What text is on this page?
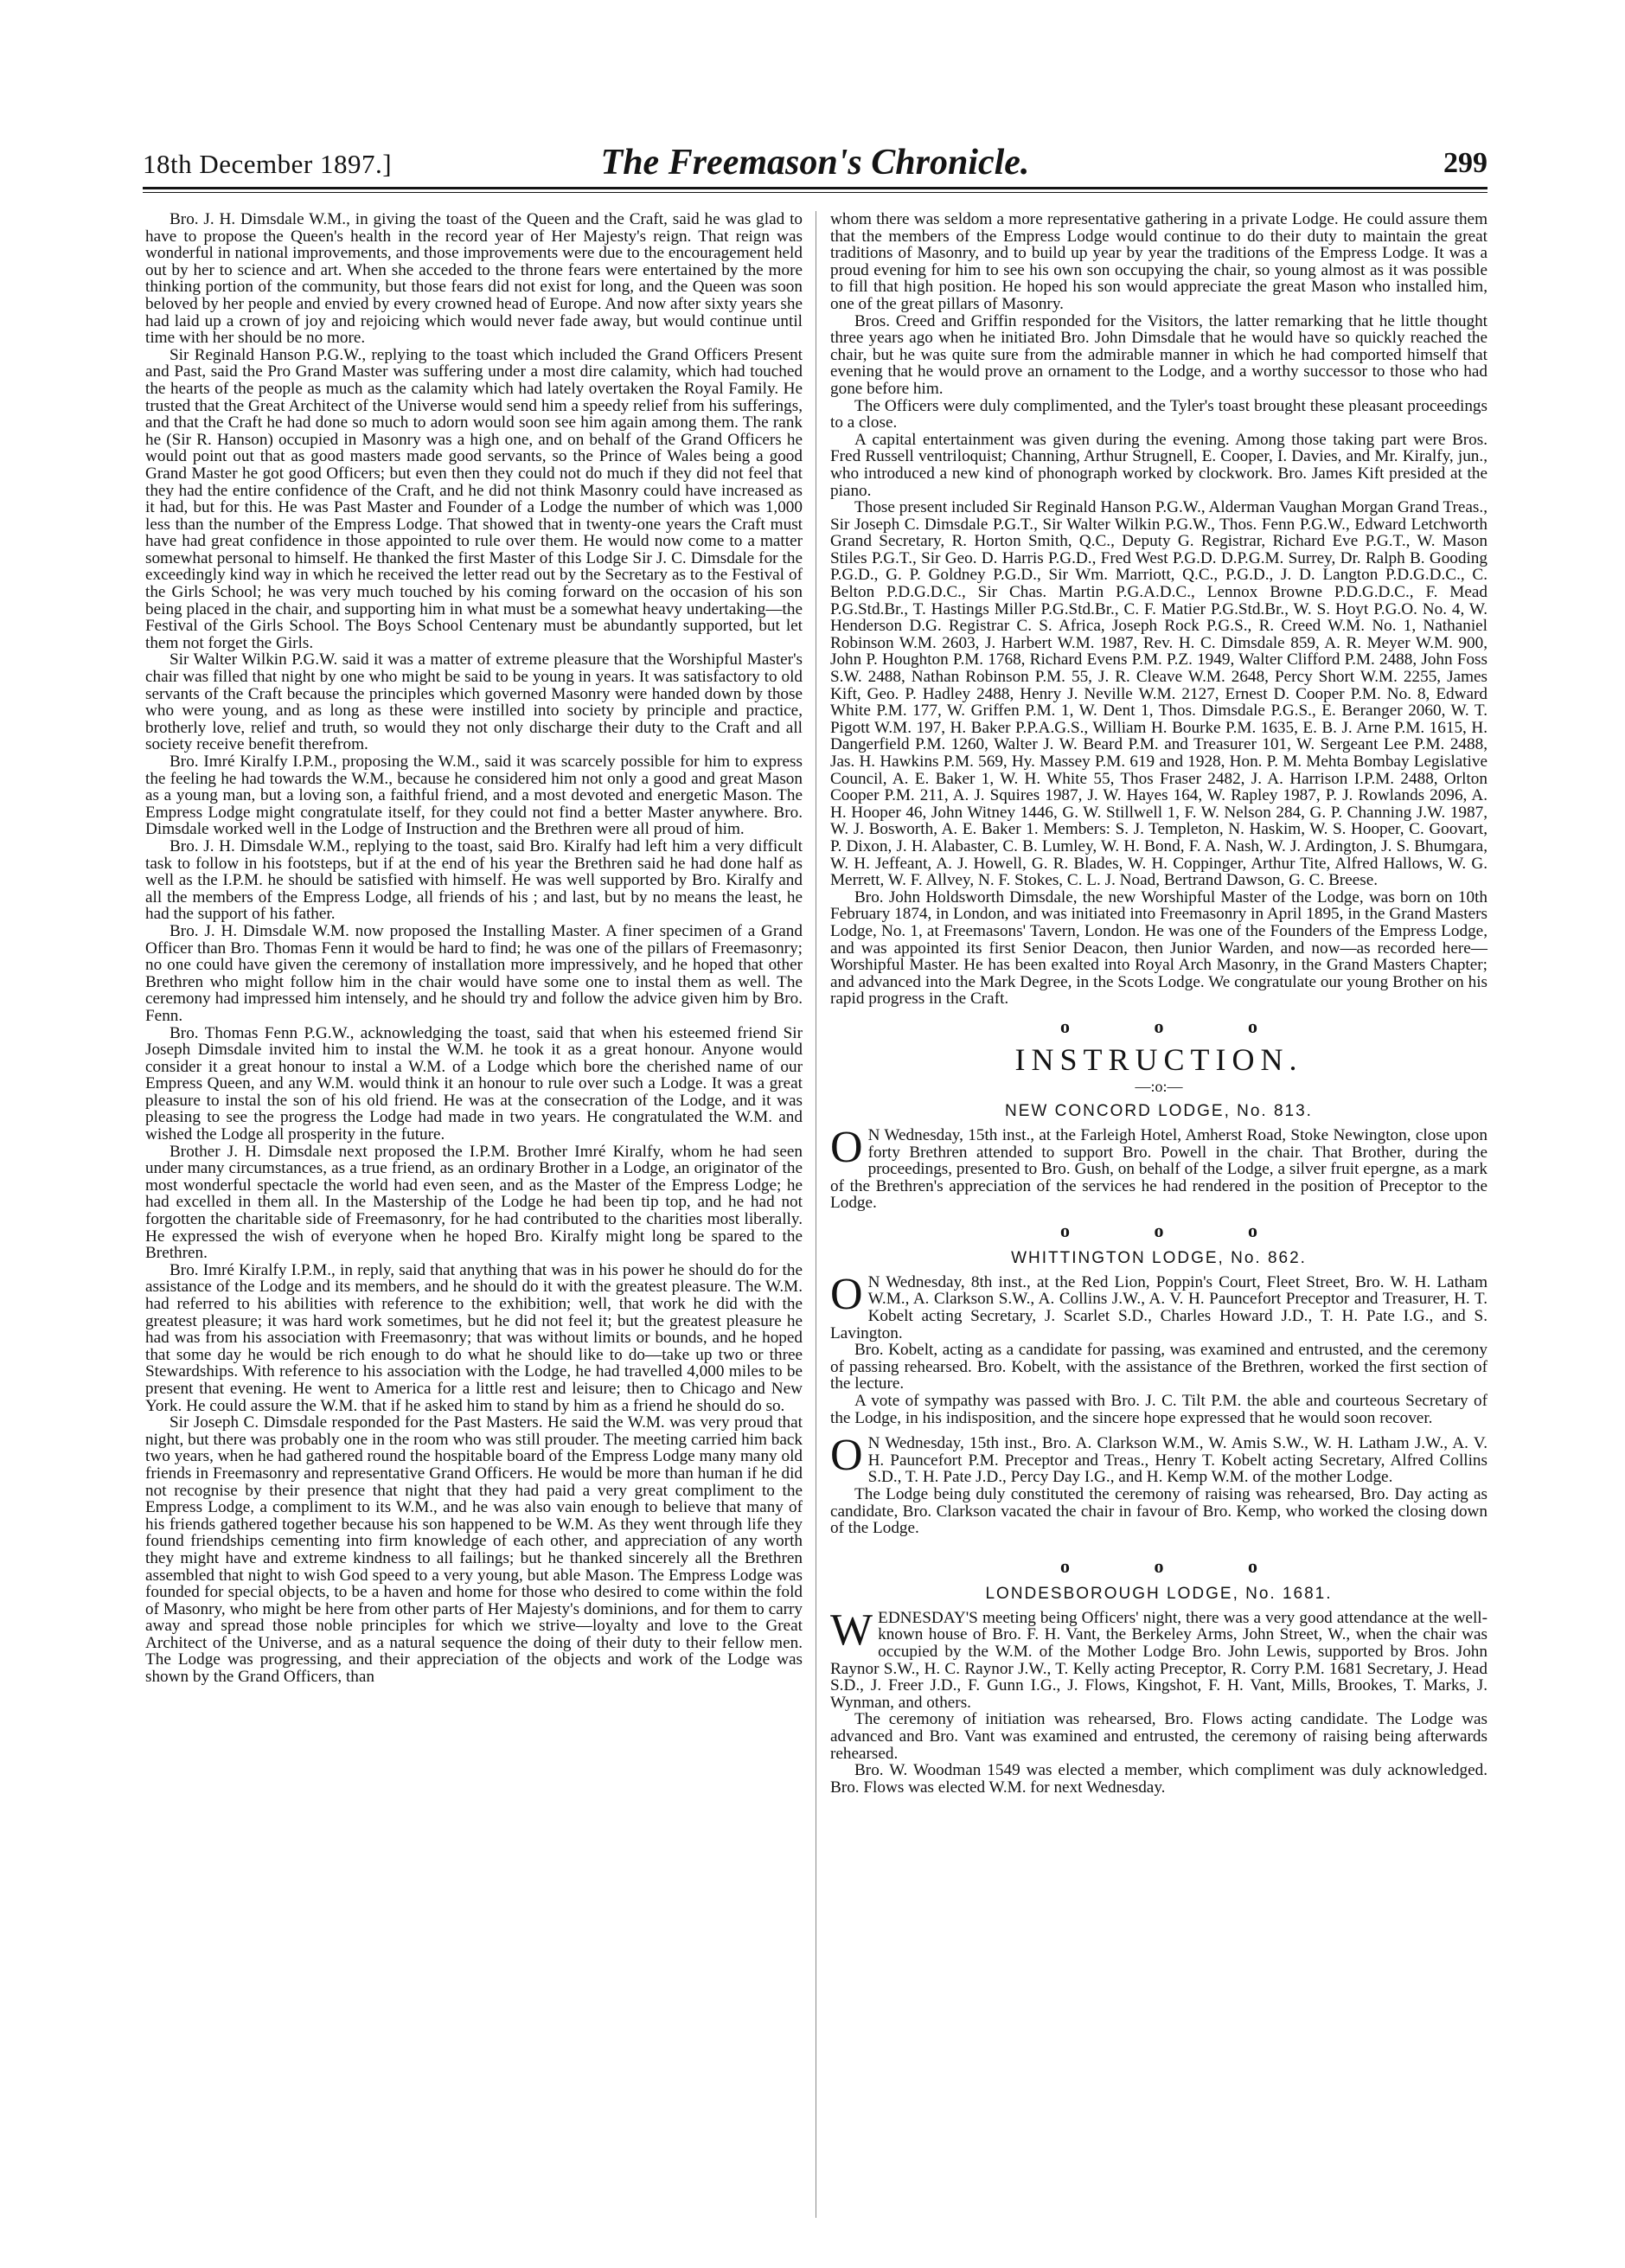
18th December 1897.]	The Freemason's Chronicle.	299

Bro. J. H. Dimsdale W.M., in giving the toast of the Queen and the Craft, said he was glad to have to propose the Queen's health in the record year of Her Majesty's reign. That reign was wonderful in national improvements, and those improvements were due to the encouragement held out by her to science and art. When she acceded to the throne fears were entertained by the more thinking portion of the community, but those fears did not exist for long, and the Queen was soon beloved by her people and envied by every crowned head of Europe. And now after sixty years she had laid up a crown of joy and rejoicing which would never fade away, but would continue until time with her should be no more.

Sir Reginald Hanson P.G.W., replying to the toast which included the Grand Officers Present and Past, said the Pro Grand Master was suffering under a most dire calamity, which had touched the hearts of the people as much as the calamity which had lately overtaken the Royal Family. He trusted that the Great Architect of the Universe would send him a speedy relief from his sufferings, and that the Craft he had done so much to adorn would soon see him again among them. The rank he (Sir R. Hanson) occupied in Masonry was a high one, and on behalf of the Grand Officers he would point out that as good masters made good servants, so the Prince of Wales being a good Grand Master he got good Officers; but even then they could not do much if they did not feel that they had the entire confidence of the Craft, and he did not think Masonry could have increased as it had, but for this. He was Past Master and Founder of a Lodge the number of which was 1,000 less than the number of the Empress Lodge. That showed that in twenty-one years the Craft must have had great confidence in those appointed to rule over them. He would now come to a matter somewhat personal to himself. He thanked the first Master of this Lodge Sir J. C. Dimsdale for the exceedingly kind way in which he received the letter read out by the Secretary as to the Festival of the Girls School; he was very much touched by his coming forward on the occasion of his son being placed in the chair, and supporting him in what must be a somewhat heavy undertaking—the Festival of the Girls School. The Boys School Centenary must be abundantly supported, but let them not forget the Girls.

Sir Walter Wilkin P.G.W. said it was a matter of extreme pleasure that the Worshipful Master's chair was filled that night by one who might be said to be young in years. It was satisfactory to old servants of the Craft because the principles which governed Masonry were handed down by those who were young, and as long as these were instilled into society by principle and practice, brotherly love, relief and truth, so would they not only discharge their duty to the Craft and all society receive benefit therefrom.

Bro. Imré Kiralfy I.P.M., proposing the W.M., said it was scarcely possible for him to express the feeling he had towards the W.M., because he considered him not only a good and great Mason as a young man, but a loving son, a faithful friend, and a most devoted and energetic Mason. The Empress Lodge might congratulate itself, for they could not find a better Master anywhere. Bro. Dimsdale worked well in the Lodge of Instruction and the Brethren were all proud of him.

Bro. J. H. Dimsdale W.M., replying to the toast, said Bro. Kiralfy had left him a very difficult task to follow in his footsteps, but if at the end of his year the Brethren said he had done half as well as the I.P.M. he should be satisfied with himself. He was well supported by Bro. Kiralfy and all the members of the Empress Lodge, all friends of his ; and last, but by no means the least, he had the support of his father.

Bro. J. H. Dimsdale W.M. now proposed the Installing Master. A finer specimen of a Grand Officer than Bro. Thomas Fenn it would be hard to find; he was one of the pillars of Freemasonry; no one could have given the ceremony of installation more impressively, and he hoped that other Brethren who might follow him in the chair would have some one to instal them as well. The ceremony had impressed him intensely, and he should try and follow the advice given him by Bro. Fenn.

Bro. Thomas Fenn P.G.W., acknowledging the toast, said that when his esteemed friend Sir Joseph Dimsdale invited him to instal the W.M. he took it as a great honour. Anyone would consider it a great honour to instal a W.M. of a Lodge which bore the cherished name of our Empress Queen, and any W.M. would think it an honour to rule over such a Lodge. It was a great pleasure to instal the son of his old friend. He was at the consecration of the Lodge, and it was pleasing to see the progress the Lodge had made in two years. He congratulated the W.M. and wished the Lodge all prosperity in the future.

Brother J. H. Dimsdale next proposed the I.P.M. Brother Imré Kiralfy, whom he had seen under many circumstances, as a true friend, as an ordinary Brother in a Lodge, an originator of the most wonderful spectacle the world had even seen, and as the Master of the Empress Lodge; he had excelled in them all. In the Mastership of the Lodge he had been tip top, and he had not forgotten the charitable side of Freemasonry, for he had contributed to the charities most liberally. He expressed the wish of everyone when he hoped Bro. Kiralfy might long be spared to the Brethren.

Bro. Imré Kiralfy I.P.M., in reply, said that anything that was in his power he should do for the assistance of the Lodge and its members, and he should do it with the greatest pleasure. The W.M. had referred to his abilities with reference to the exhibition; well, that work he did with the greatest pleasure; it was hard work sometimes, but he did not feel it; but the greatest pleasure he had was from his association with Freemasonry; that was without limits or bounds, and he hoped that some day he would be rich enough to do what he should like to do—take up two or three Stewardships. With reference to his association with the Lodge, he had travelled 4,000 miles to be present that evening. He went to America for a little rest and leisure; then to Chicago and New York. He could assure the W.M. that if he asked him to stand by him as a friend he should do so.

Sir Joseph C. Dimsdale responded for the Past Masters. He said the W.M. was very proud that night, but there was probably one in the room who was still prouder. The meeting carried him back two years, when he had gathered round the hospitable board of the Empress Lodge many many old friends in Freemasonry and representative Grand Officers. He would be more than human if he did not recognise by their presence that night that they had paid a very great compliment to the Empress Lodge, a compliment to its W.M., and he was also vain enough to believe that many of his friends gathered together because his son happened to be W.M. As they went through life they found friendships cementing into firm knowledge of each other, and appreciation of any worth they might have and extreme kindness to all failings; but he thanked sincerely all the Brethren assembled that night to wish God speed to a very young, but able Mason. The Empress Lodge was founded for special objects, to be a haven and home for those who desired to come within the fold of Masonry, who might be here from other parts of Her Majesty's dominions, and for them to carry away and spread those noble principles for which we strive—loyalty and love to the Great Architect of the Universe, and as a natural sequence the doing of their duty to their fellow men. The Lodge was progressing, and their appreciation of the objects and work of the Lodge was shown by the Grand Officers, than

whom there was seldom a more representative gathering in a private Lodge. He could assure them that the members of the Empress Lodge would continue to do their duty to maintain the great traditions of Masonry, and to build up year by year the traditions of the Empress Lodge. It was a proud evening for him to see his own son occupying the chair, so young almost as it was possible to fill that high position. He hoped his son would appreciate the great Mason who installed him, one of the great pillars of Masonry.

Bros. Creed and Griffin responded for the Visitors, the latter remarking that he little thought three years ago when he initiated Bro. John Dimsdale that he would have so quickly reached the chair, but he was quite sure from the admirable manner in which he had comported himself that evening that he would prove an ornament to the Lodge, and a worthy successor to those who had gone before him.

The Officers were duly complimented, and the Tyler's toast brought these pleasant proceedings to a close.

A capital entertainment was given during the evening. Among those taking part were Bros. Fred Russell ventriloquist; Channing, Arthur Strugnell, E. Cooper, I. Davies, and Mr. Kiralfy, jun., who introduced a new kind of phonograph worked by clockwork. Bro. James Kift presided at the piano.

Those present included Sir Reginald Hanson P.G.W., Alderman Vaughan Morgan Grand Treas., Sir Joseph C. Dimsdale P.G.T., Sir Walter Wilkin P.G.W., Thos. Fenn P.G.W., Edward Letchworth Grand Secretary, R. Horton Smith, Q.C., Deputy G. Registrar, Richard Eve P.G.T., W. Mason Stiles P.G.T., Sir Geo. D. Harris P.G.D., Fred West P.G.D. D.P.G.M. Surrey, Dr. Ralph B. Gooding P.G.D., G. P. Goldney P.G.D., Sir Wm. Marriott, Q.C., P.G.D., J. D. Langton P.D.G.D.C., C. Belton P.D.G.D.C., Sir Chas. Martin P.G.A.D.C., Lennox Browne P.D.G.D.C., F. Mead P.G.Std.Br., T. Hastings Miller P.G.Std.Br., C. F. Matier P.G.Std.Br., W. S. Hoyt P.G.O. No. 4, W. Henderson D.G. Registrar C. S. Africa, Joseph Rock P.G.S., R. Creed W.M. No. 1, Nathaniel Robinson W.M. 2603, J. Harbert W.M. 1987, Rev. H. C. Dimsdale 859, A. R. Meyer W.M. 900, John P. Houghton P.M. 1768, Richard Evens P.M. P.Z. 1949, Walter Clifford P.M. 2488, John Foss S.W. 2488, Nathan Robinson P.M. 55, J. R. Cleave W.M. 2648, Percy Short W.M. 2255, James Kift, Geo. P. Hadley 2488, Henry J. Neville W.M. 2127, Ernest D. Cooper P.M. No. 8, Edward White P.M. 177, W. Griffen P.M. 1, W. Dent 1, Thos. Dimsdale P.G.S., E. Beranger 2060, W. T. Pigott W.M. 197, H. Baker P.P.A.G.S., William H. Bourke P.M. 1635, E. B. J. Arne P.M. 1615, H. Dangerfield P.M. 1260, Walter J. W. Beard P.M. and Treasurer 101, W. Sergeant Lee P.M. 2488, Jas. H. Hawkins P.M. 569, Hy. Massey P.M. 619 and 1928, Hon. P. M. Mehta Bombay Legislative Council, A. E. Baker 1, W. H. White 55, Thos Fraser 2482, J. A. Harrison I.P.M. 2488, Orlton Cooper P.M. 211, A. J. Squires 1987, J. W. Hayes 164, W. Rapley 1987, P. J. Rowlands 2096, A. H. Hooper 46, John Witney 1446, G. W. Stillwell 1, F. W. Nelson 284, G. P. Channing J.W. 1987, W. J. Bosworth, A. E. Baker 1. Members: S. J. Templeton, N. Haskim, W. S. Hooper, C. Goovart, P. Dixon, J. H. Alabaster, C. B. Lumley, W. H. Bond, F. A. Nash, W. J. Ardington, J. S. Bhumgara, W. H. Jeffeant, A. J. Howell, G. R. Blades, W. H. Coppinger, Arthur Tite, Alfred Hallows, W. G. Merrett, W. F. Allvey, N. F. Stokes, C. L. J. Noad, Bertrand Dawson, G. C. Breese.

Bro. John Holdsworth Dimsdale, the new Worshipful Master of the Lodge, was born on 10th February 1874, in London, and was initiated into Freemasonry in April 1895, in the Grand Masters Lodge, No. 1, at Freemasons' Tavern, London. He was one of the Founders of the Empress Lodge, and was appointed its first Senior Deacon, then Junior Warden, and now—as recorded here—Worshipful Master. He has been exalted into Royal Arch Masonry, in the Grand Masters Chapter; and advanced into the Mark Degree, in the Scots Lodge. We congratulate our young Brother on his rapid progress in the Craft.

o o o
INSTRUCTION.
—:o:—
NEW CONCORD LODGE, No. 813.
O N Wednesday, 15th inst., at the Farleigh Hotel, Amherst Road, Stoke Newington, close upon forty Brethren attended to support Bro. Powell in the chair. That Brother, during the proceedings, presented to Bro. Gush, on behalf of the Lodge, a silver fruit epergne, as a mark of the Brethren's appreciation of the services he had rendered in the position of Preceptor to the Lodge.

o o o
WHITTINGTON LODGE, No. 862.
O N Wednesday, 8th inst., at the Red Lion, Poppin's Court, Fleet Street, Bro. W. H. Latham W.M., A. Clarkson S.W., A. Collins J.W., A. V. H. Pauncefort Preceptor and Treasurer, H. T. Kobelt acting Secretary, J. Scarlet S.D., Charles Howard J.D., T. H. Pate I.G., and S. Lavington.

Bro. Kobelt, acting as a candidate for passing, was examined and entrusted, and the ceremony of passing rehearsed. Bro. Kobelt, with the assistance of the Brethren, worked the first section of the lecture.

A vote of sympathy was passed with Bro. J. C. Tilt P.M. the able and courteous Secretary of the Lodge, in his indisposition, and the sincere hope expressed that he would soon recover.

O N Wednesday, 15th inst., Bro. A. Clarkson W.M., W. Amis S.W., W. H. Latham J.W., A. V. H. Pauncefort P.M. Preceptor and Treas., Henry T. Kobelt acting Secretary, Alfred Collins S.D., T. H. Pate J.D., Percy Day I.G., and H. Kemp W.M. of the mother Lodge.

The Lodge being duly constituted the ceremony of raising was rehearsed, Bro. Day acting as candidate, Bro. Clarkson vacated the chair in favour of Bro. Kemp, who worked the closing down of the Lodge.

o o o
LONDESBOROUGH LODGE, No. 1681.
W EDNESDAY'S meeting being Officers' night, there was a very good attendance at the well-known house of Bro. F. H. Vant, the Berkeley Arms, John Street, W., when the chair was occupied by the W.M. of the Mother Lodge Bro. John Lewis, supported by Bros. John Raynor S.W., H. C. Raynor J.W., T. Kelly acting Preceptor, R. Corry P.M. 1681 Secretary, J. Head S.D., J. Freer J.D., F. Gunn I.G., J. Flows, Kingshot, F. H. Vant, Mills, Brookes, T. Marks, J. Wynman, and others.

The ceremony of initiation was rehearsed, Bro. Flows acting candidate. The Lodge was advanced and Bro. Vant was examined and entrusted, the ceremony of raising being afterwards rehearsed.

Bro. W. Woodman 1549 was elected a member, which compliment was duly acknowledged. Bro. Flows was elected W.M. for next Wednesday.
